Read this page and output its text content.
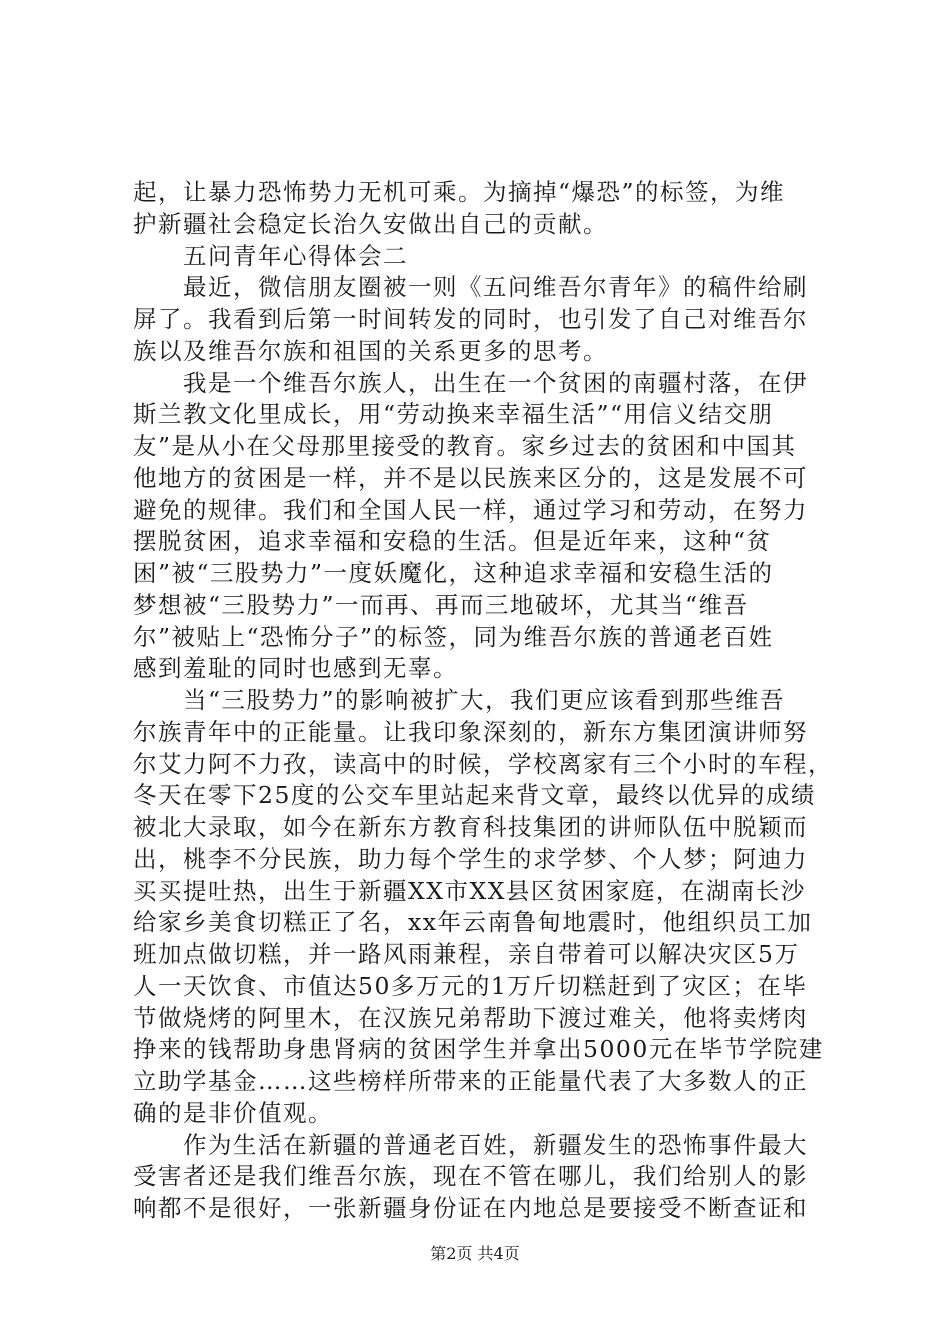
起，让暴力恐怖势力无机可乘。为摘掉“爆恐”的标签，为维
护新疆社会稳定长治久安做出自己的贡献。
　　五问青年心得体会二
　　最近，微信朋友圈被一则《五问维吾尔青年》的稿件给刷
屏了。我看到后第一时间转发的同时，也引发了自己对维吾尔
族以及维吾尔族和祖国的关系更多的思考。
　　我是一个维吾尔族人，出生在一个贫困的南疆村落，在伊
斯兰教文化里成长，用“劳动换来幸福生活”“用信义结交朋
友”是从小在父母那里接受的教育。家乡过去的贫困和中国其
他地方的贫困是一样，并不是以民族来区分的，这是发展不可
避免的规律。我们和全国人民一样，通过学习和劳动，在努力
摆脱贫困，追求幸福和安稳的生活。但是近年来，这种“贫
困”被“三股势力”一度妖魔化，这种追求幸福和安稳生活的
梦想被“三股势力”一而再、再而三地破坏，尤其当“维吾
尔”被贴上“恐怖分子”的标签，同为维吾尔族的普通老百姓
感到羞耻的同时也感到无辜。
　　当“三股势力”的影响被扩大，我们更应该看到那些维吾
尔族青年中的正能量。让我印象深刻的，新东方集团演讲师努
尔艾力阿不力孜，读高中的时候，学校离家有三个小时的车程，
冬天在零下25度的公交车里站起来背文章，最终以优异的成绩
被北大录取，如今在新东方教育科技集团的讲师队伍中脱颖而
出，桃李不分民族，助力每个学生的求学梦、个人梦；阿迪力
买买提吐热，出生于新疆XX市XX县区贫困家庭，在湖南长沙
给家乡美食切糕正了名，xx年云南鲁甸地震时，他组织员工加
班加点做切糕，并一路风雨兼程，亲自带着可以解决灾区5万
人一天饮食、市值达50多万元的1万斤切糕赶到了灾区；在毕
节做烧烤的阿里木，在汉族兄弟帮助下渡过难关，他将卖烤肉
挣来的钱帮助身患肾病的贫困学生并拿出5000元在毕节学院建
立助学基金……这些榜样所带来的正能量代表了大多数人的正
确的是非价值观。
　　作为生活在新疆的普通老百姓，新疆发生的恐怖事件最大
受害者还是我们维吾尔族，现在不管在哪儿，我们给别人的影
响都不是很好，一张新疆身份证在内地总是要接受不断查证和
第2页 共4页
